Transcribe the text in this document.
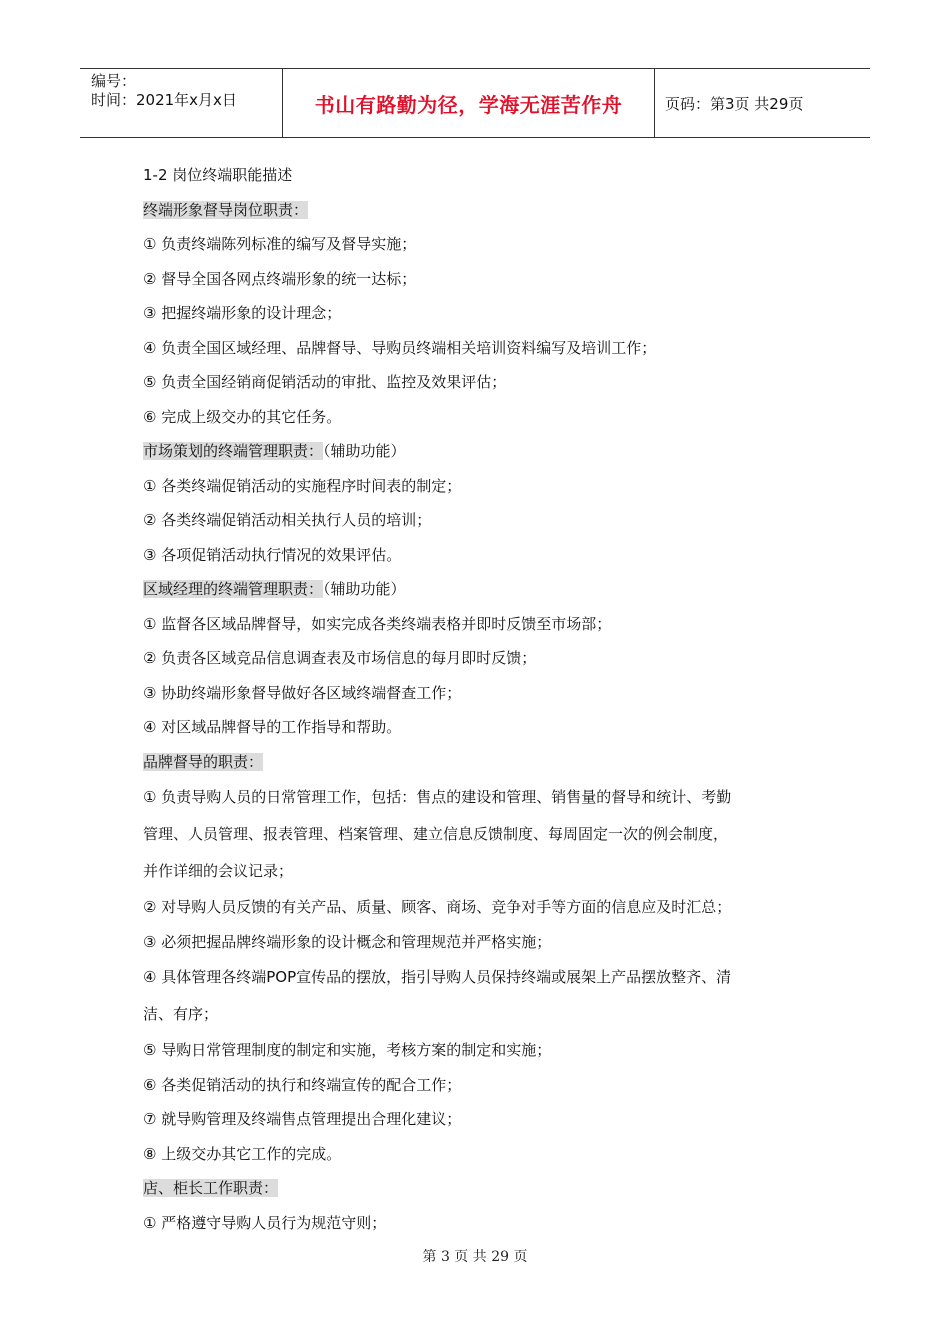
编号：
时间：2021年x月x日	书山有路勤为径，学海无涯苦作舟	页码：第3页 共29页
1-2 岗位终端职能描述
终端形象督导岗位职责：
① 负责终端陈列标准的编写及督导实施；
② 督导全国各网点终端形象的统一达标；
③ 把握终端形象的设计理念；
④ 负责全国区域经理、品牌督导、导购员终端相关培训资料编写及培训工作；
⑤ 负责全国经销商促销活动的审批、监控及效果评估；
⑥ 完成上级交办的其它任务。
市场策划的终端管理职责：（辅助功能）
① 各类终端促销活动的实施程序时间表的制定；
② 各类终端促销活动相关执行人员的培训；
③ 各项促销活动执行情况的效果评估。
区域经理的终端管理职责：（辅助功能）
① 监督各区域品牌督导，如实完成各类终端表格并即时反馈至市场部；
② 负责各区域竞品信息调查表及市场信息的每月即时反馈；
③ 协助终端形象督导做好各区域终端督查工作；
④ 对区域品牌督导的工作指导和帮助。
品牌督导的职责：
① 负责导购人员的日常管理工作，包括：售点的建设和管理、销售量的督导和统计、考勤
管理、人员管理、报表管理、档案管理、建立信息反馈制度、每周固定一次的例会制度，
并作详细的会议记录；
② 对导购人员反馈的有关产品、质量、顾客、商场、竞争对手等方面的信息应及时汇总；
③ 必须把握品牌终端形象的设计概念和管理规范并严格实施；
④ 具体管理各终端POP宣传品的摆放，指引导购人员保持终端或展架上产品摆放整齐、清
洁、有序；
⑤ 导购日常管理制度的制定和实施，考核方案的制定和实施；
⑥ 各类促销活动的执行和终端宣传的配合工作；
⑦ 就导购管理及终端售点管理提出合理化建议；
⑧ 上级交办其它工作的完成。
店、柜长工作职责：
① 严格遵守导购人员行为规范守则；
第 3 页 共 29 页
